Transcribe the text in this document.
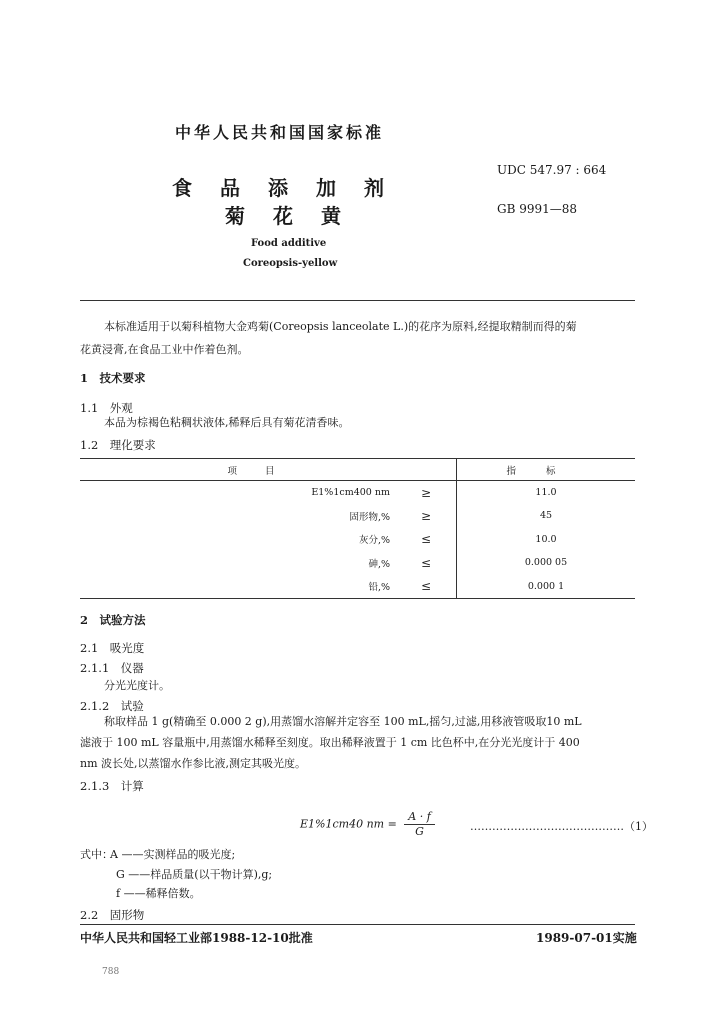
中华人民共和国国家标准
食 品 添 加 剂
菊 花 黄
UDC 547.97 : 664
GB 9991—88
Food additive
Coreopsis-yellow
本标准适用于以菊科植物大金鸡菊(Coreopsis lanceolate L.)的花序为原料,经提取精制而得的菊
花黄浸膏,在食品工业中作着色剂。
1　技术要求
1.1　外观
本品为棕褐色粘稠状液体,稀释后具有菊花清香味。
1.2　理化要求
项目		指标
E1%1cm400 nm	≥	11.0
固形物,%	≥	45
灰分,%	≤	10.0
砷,%	≤	0.000 05
铅,%	≤	0.000 1
2　试验方法
2.1　吸光度
2.1.1　仪器
分光光度计。
2.1.2　试验
称取样品 1 g(精确至 0.000 2 g),用蒸馏水溶解并定容至 100 mL,摇匀,过滤,用移液管吸取10 mL
滤液于 100 mL 容量瓶中,用蒸馏水稀释至刻度。取出稀释液置于 1 cm 比色杯中,在分光光度计于 400
nm 波长处,以蒸馏水作参比液,测定其吸光度。
2.1.3　计算
E1%1cm40 nm = $\frac{A \cdot f}{G}$	……………………………………（1）
式中：
A ——实测样品的吸光度;
G ——样品质量(以干物计算),g;
f ——稀释倍数。
2.2　固形物
中华人民共和国轻工业部1988-12-10批准	1989-07-01实施
788
